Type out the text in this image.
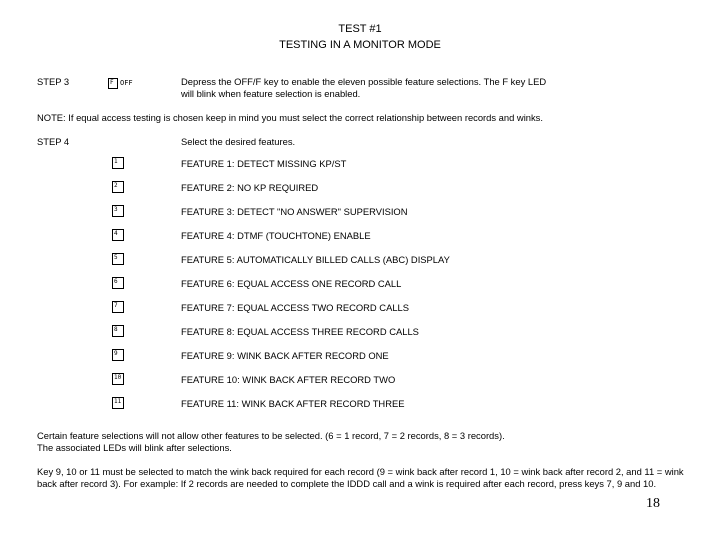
TEST #1
TESTING IN A MONITOR MODE
STEP 3	F OFF	Depress the OFF/F key to enable the eleven possible feature selections. The F key LED
will blink when feature selection is enabled.
NOTE: If equal access testing is chosen keep in mind you must select the correct relationship between records and winks.
STEP 4	Select the desired features.
1	FEATURE 1: DETECT MISSING KP/ST
2	FEATURE 2: NO KP REQUIRED
3	FEATURE 3: DETECT "NO ANSWER" SUPERVISION
4	FEATURE 4: DTMF (TOUCHTONE) ENABLE
5	FEATURE 5: AUTOMATICALLY BILLED CALLS (ABC) DISPLAY
6	FEATURE 6: EQUAL ACCESS ONE RECORD CALL
7	FEATURE 7: EQUAL ACCESS TWO RECORD CALLS
8	FEATURE 8: EQUAL ACCESS THREE RECORD CALLS
9	FEATURE 9: WINK BACK AFTER RECORD ONE
10	FEATURE 10: WINK BACK AFTER RECORD TWO
11	FEATURE 11: WINK BACK AFTER RECORD THREE
Certain feature selections will not allow other features to be selected. (6 = 1 record, 7 = 2 records, 8 = 3 records).
The associated LEDs will blink after selections.
Key 9, 10 or 11 must be selected to match the wink back required for each record (9 = wink back after record 1, 10 = wink back after record 2, and 11 = wink back after record 3). For example: If 2 records are needed to complete the IDDD call and a wink is required after each record, press keys 7, 9 and 10.
18
